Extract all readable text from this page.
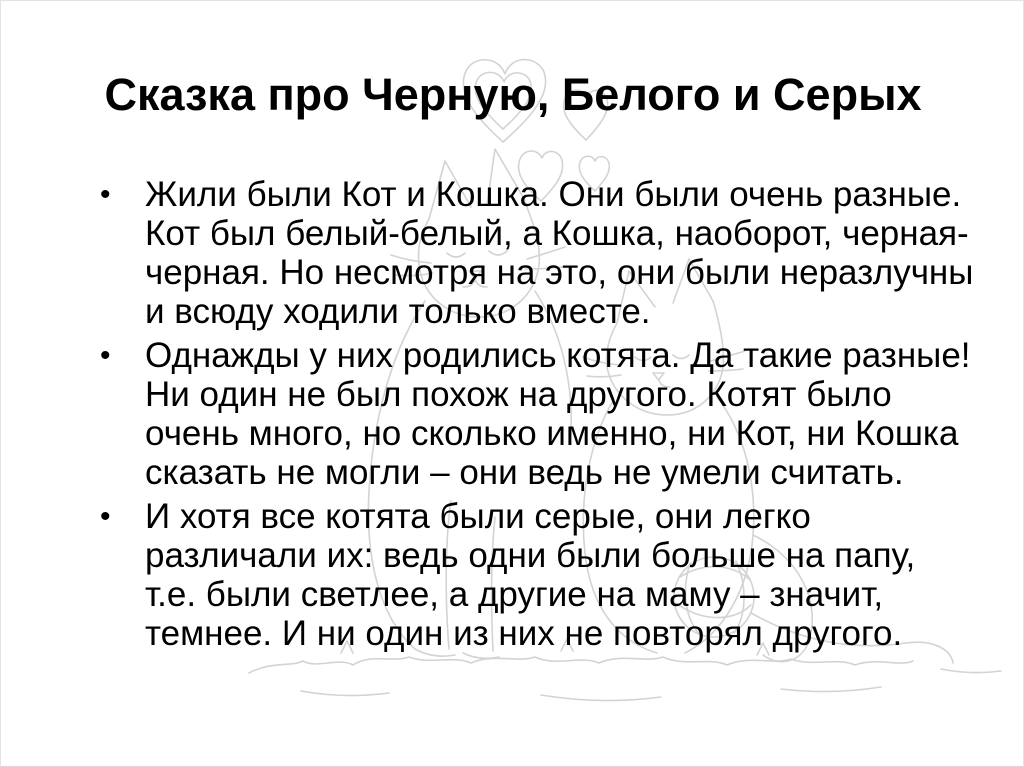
Сказка про Черную, Белого и Серых
• Жили были Кот и Кошка. Они были очень разные.
Кот был белый-белый, а Кошка, наоборот, черная-
черная. Но несмотря на это, они были неразлучны
и всюду ходили только вместе.
• Однажды у них родились котята. Да такие разные!
Ни один не был похож на другого. Котят было
очень много, но сколько именно, ни Кот, ни Кошка
сказать не могли – они ведь не умели считать.
• И хотя все котята были серые, они легко
различали их: ведь одни были больше на папу,
т.е. были светлее, а другие на маму – значит,
темнее. И ни один из них не повторял другого.
